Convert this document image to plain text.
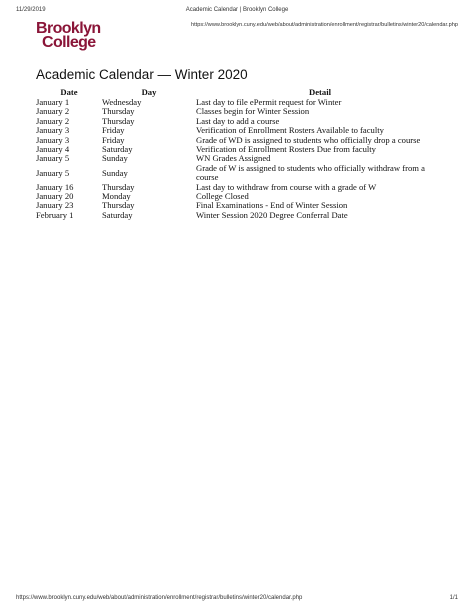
11/29/2019	Academic Calendar | Brooklyn College
Brooklyn
College
https://www.brooklyn.cuny.edu/web/about/administration/enrollment/registrar/bulletins/winter20/calendar.php
Academic Calendar — Winter 2020
Date	Day	Detail
January 1	Wednesday	Last day to file ePermit request for Winter
January 2	Thursday	Classes begin for Winter Session
January 2	Thursday	Last day to add a course
January 3	Friday	Verification of Enrollment Rosters Available to faculty
January 3	Friday	Grade of WD is assigned to students who officially drop a course
January 4	Saturday	Verification of Enrollment Rosters Due from faculty
January 5	Sunday	WN Grades Assigned
January 5	Sunday	Grade of W is assigned to students who officially withdraw from a course
January 16	Thursday	Last day to withdraw from course with a grade of W
January 20	Monday	College Closed
January 23	Thursday	Final Examinations - End of Winter Session
February 1	Saturday	Winter Session 2020 Degree Conferral Date
https://www.brooklyn.cuny.edu/web/about/administration/enrollment/registrar/bulletins/winter20/calendar.php	1/1
